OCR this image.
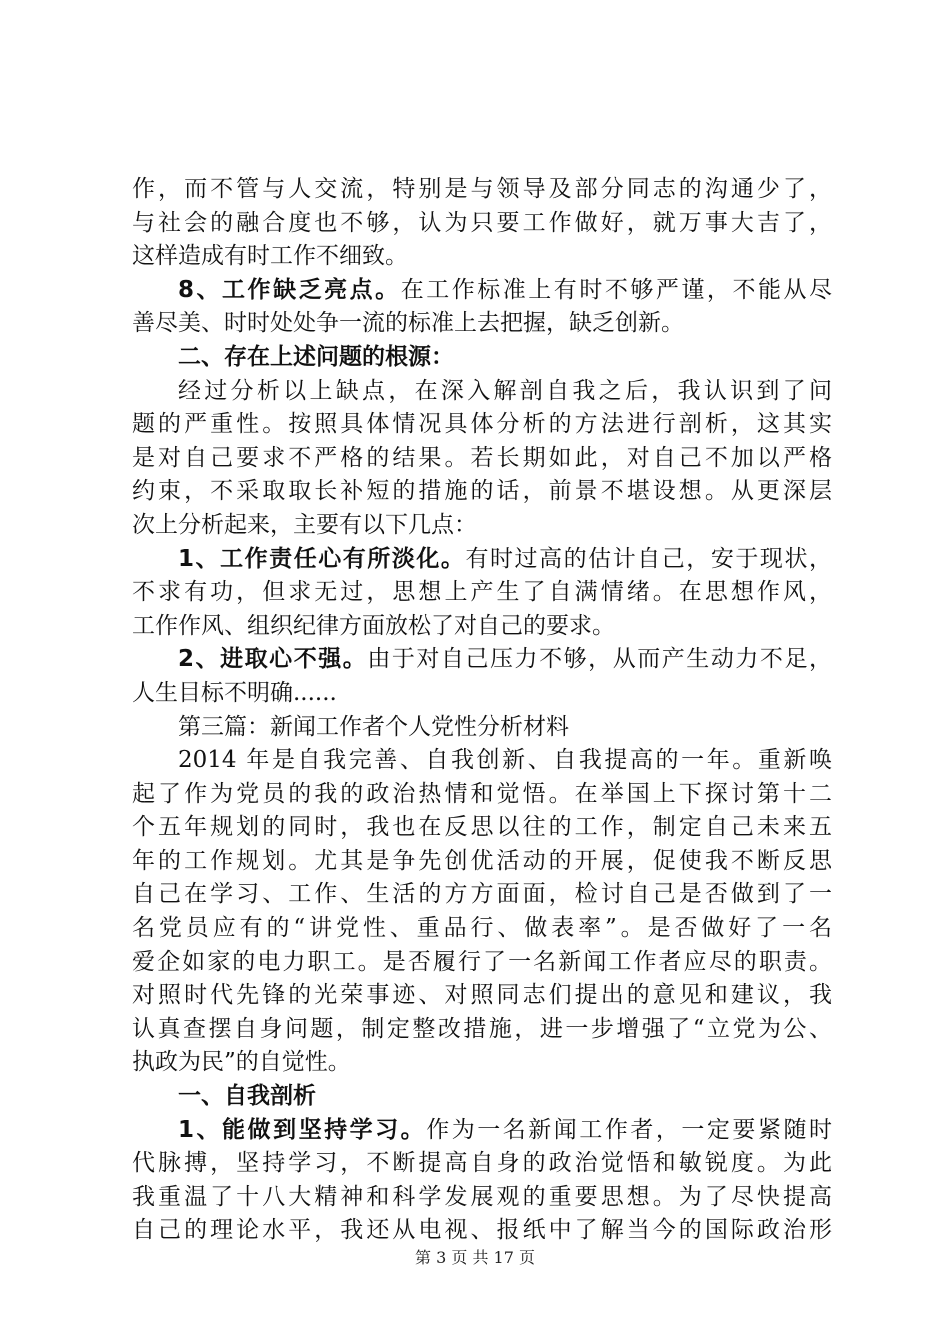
作，而不管与人交流，特别是与领导及部分同志的沟通少了，
与社会的融合度也不够，认为只要工作做好，就万事大吉了，
这样造成有时工作不细致。
8、工作缺乏亮点。在工作标准上有时不够严谨，不能从尽
善尽美、时时处处争一流的标准上去把握，缺乏创新。
二、存在上述问题的根源：
经过分析以上缺点，在深入解剖自我之后，我认识到了问
题的严重性。按照具体情况具体分析的方法进行剖析，这其实
是对自己要求不严格的结果。若长期如此，对自己不加以严格
约束，不采取取长补短的措施的话，前景不堪设想。从更深层
次上分析起来，主要有以下几点：
1、工作责任心有所淡化。有时过高的估计自己，安于现状，
不求有功，但求无过，思想上产生了自满情绪。在思想作风，
工作作风、组织纪律方面放松了对自己的要求。
2、进取心不强。由于对自己压力不够，从而产生动力不足，
人生目标不明确......
第三篇：新闻工作者个人党性分析材料
2014 年是自我完善、自我创新、自我提高的一年。重新唤
起了作为党员的我的政治热情和觉悟。在举国上下探讨第十二
个五年规划的同时，我也在反思以往的工作，制定自己未来五
年的工作规划。尤其是争先创优活动的开展，促使我不断反思
自己在学习、工作、生活的方方面面，检讨自己是否做到了一
名党员应有的“讲党性、重品行、做表率”。是否做好了一名
爱企如家的电力职工。是否履行了一名新闻工作者应尽的职责。
对照时代先锋的光荣事迹、对照同志们提出的意见和建议，我
认真查摆自身问题，制定整改措施，进一步增强了“立党为公、
执政为民”的自觉性。
一、自我剖析
1、能做到坚持学习。作为一名新闻工作者，一定要紧随时
代脉搏，坚持学习，不断提高自身的政治觉悟和敏锐度。为此
我重温了十八大精神和科学发展观的重要思想。为了尽快提高
自己的理论水平，我还从电视、报纸中了解当今的国际政治形
第 3 页 共 17 页
